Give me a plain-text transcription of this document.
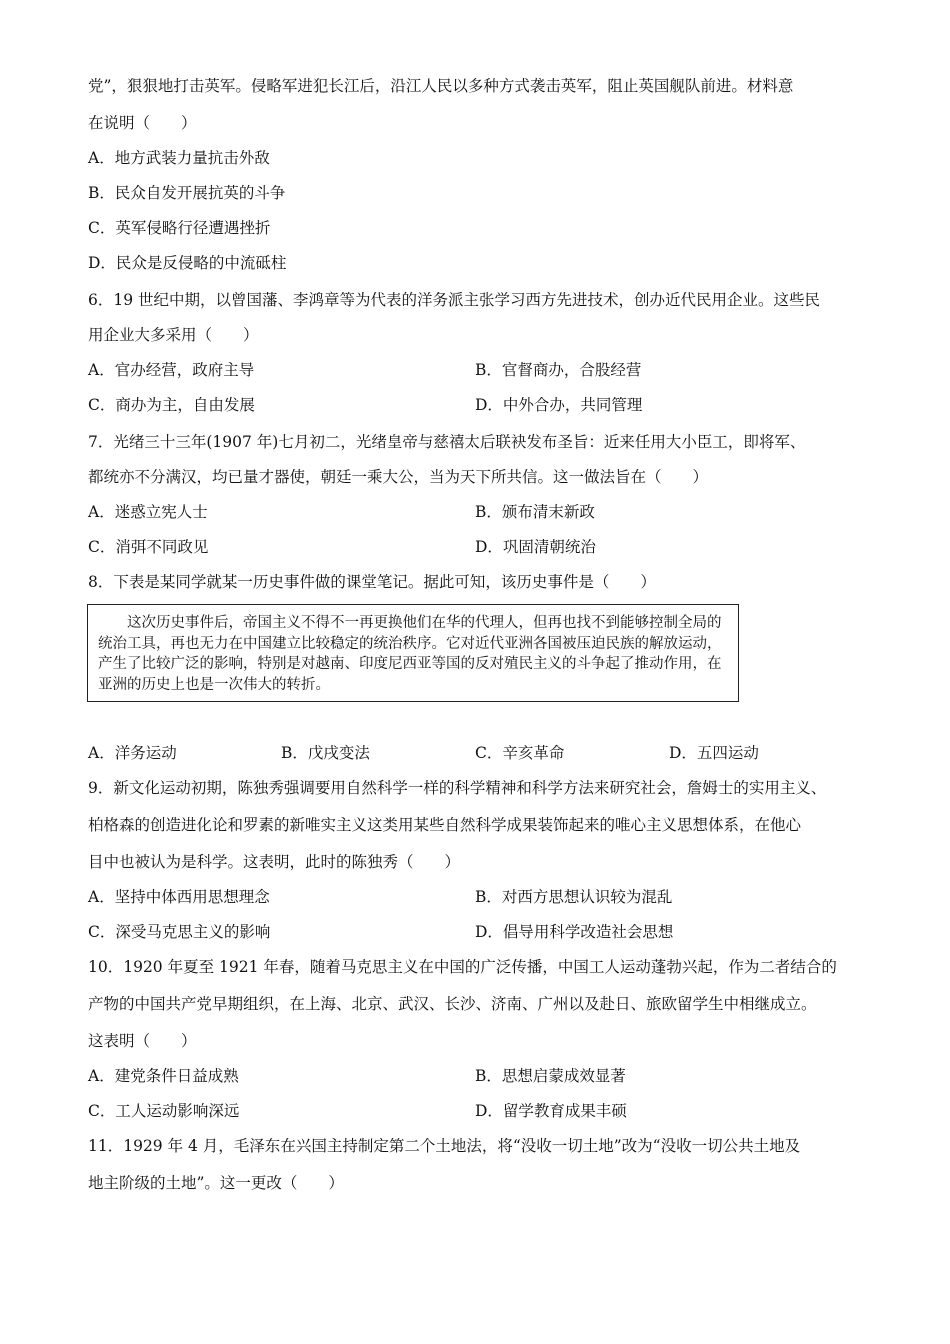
党”，狠狠地打击英军。侵略军进犯长江后，沿江人民以多种方式袭击英军，阻止英国舰队前进。材料意
在说明（　　）
A．地方武装力量抗击外敌
B．民众自发开展抗英的斗争
C．英军侵略行径遭遇挫折
D．民众是反侵略的中流砥柱
6．19 世纪中期，以曾国藩、李鸿章等为代表的洋务派主张学习西方先进技术，创办近代民用企业。这些民
用企业大多采用（　　）
A．官办经营，政府主导	B．官督商办，合股经营
C．商办为主，自由发展	D．中外合办，共同管理
7．光绪三十三年(1907 年)七月初二，光绪皇帝与慈禧太后联袂发布圣旨：近来任用大小臣工，即将军、
都统亦不分满汉，均已量才器使，朝廷一乘大公，当为天下所共信。这一做法旨在（　　）
A．迷惑立宪人士	B．颁布清末新政
C．消弭不同政见	D．巩固清朝统治
8．下表是某同学就某一历史事件做的课堂笔记。据此可知，该历史事件是（　　）

这次历史事件后，帝国主义不得不一再更换他们在华的代理人，但再也找不到能够控制全局的统治工具，再也无力在中国建立比较稳定的统治秩序。它对近代亚洲各国被压迫民族的解放运动，产生了比较广泛的影响，特别是对越南、印度尼西亚等国的反对殖民主义的斗争起了推动作用，在亚洲的历史上也是一次伟大的转折。

A．洋务运动	B．戊戌变法	C．辛亥革命	D．五四运动
9．新文化运动初期，陈独秀强调要用自然科学一样的科学精神和科学方法来研究社会，詹姆士的实用主义、
柏格森的创造进化论和罗素的新唯实主义这类用某些自然科学成果装饰起来的唯心主义思想体系，在他心
目中也被认为是科学。这表明，此时的陈独秀（　　）
A．坚持中体西用思想理念	B．对西方思想认识较为混乱
C．深受马克思主义的影响	D．倡导用科学改造社会思想
10．1920 年夏至 1921 年春，随着马克思主义在中国的广泛传播，中国工人运动蓬勃兴起，作为二者结合的
产物的中国共产党早期组织，在上海、北京、武汉、长沙、济南、广州以及赴日、旅欧留学生中相继成立。
这表明（　　）
A．建党条件日益成熟	B．思想启蒙成效显著
C．工人运动影响深远	D．留学教育成果丰硕
11．1929 年 4 月，毛泽东在兴国主持制定第二个土地法，将“没收一切土地”改为“没收一切公共土地及
地主阶级的土地”。这一更改（　　）
